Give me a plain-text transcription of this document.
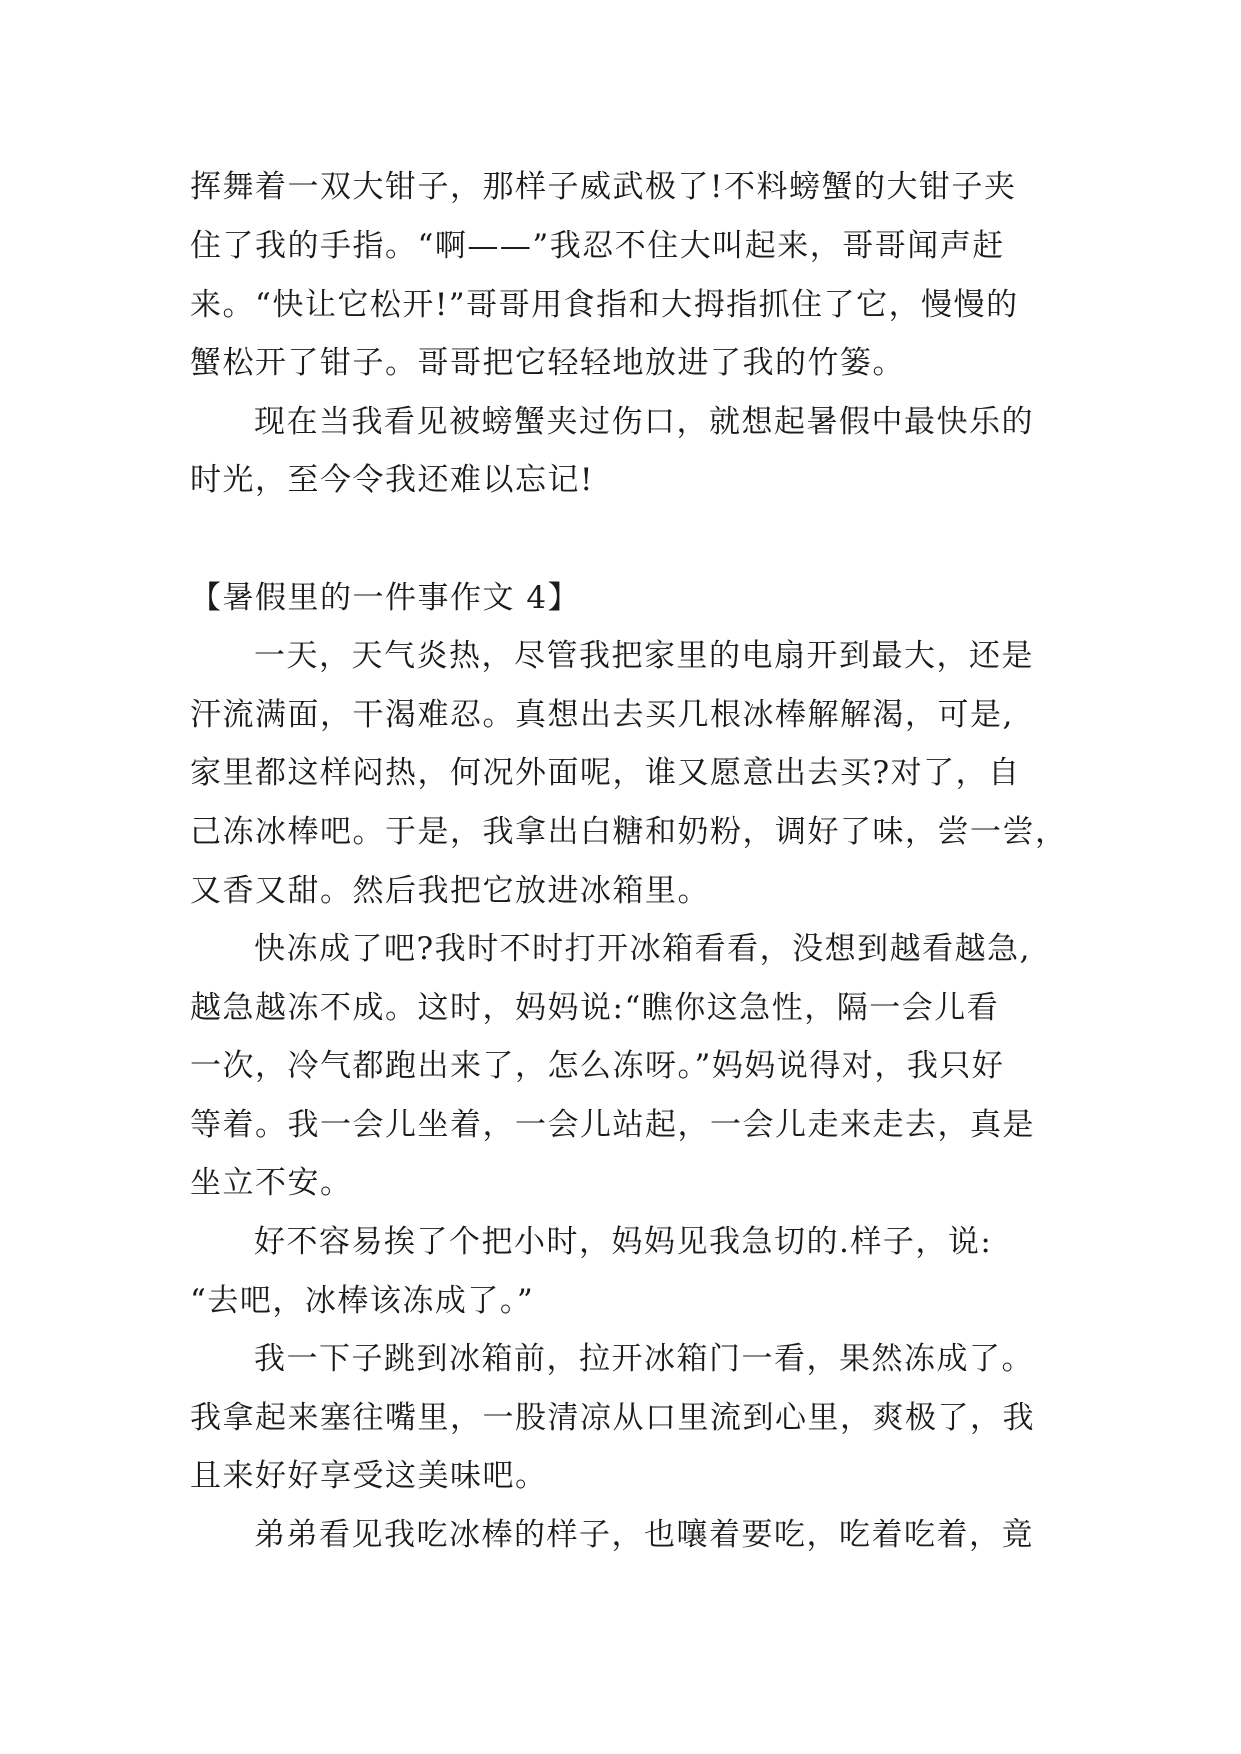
挥舞着一双大钳子，那样子威武极了!不料螃蟹的大钳子夹
住了我的手指。“啊——”我忍不住大叫起来，哥哥闻声赶
来。“快让它松开!”哥哥用食指和大拇指抓住了它，慢慢的
蟹松开了钳子。哥哥把它轻轻地放进了我的竹篓。
现在当我看见被螃蟹夹过伤口，就想起暑假中最快乐的
时光，至今令我还难以忘记!
【暑假里的一件事作文 4】
一天，天气炎热，尽管我把家里的电扇开到最大，还是
汗流满面，干渴难忍。真想出去买几根冰棒解解渴，可是,
家里都这样闷热，何况外面呢，谁又愿意出去买?对了，自
己冻冰棒吧。于是，我拿出白糖和奶粉，调好了味，尝一尝，
又香又甜。然后我把它放进冰箱里。
快冻成了吧?我时不时打开冰箱看看，没想到越看越急,
越急越冻不成。这时，妈妈说:“瞧你这急性，隔一会儿看
一次，冷气都跑出来了，怎么冻呀。”妈妈说得对，我只好
等着。我一会儿坐着，一会儿站起，一会儿走来走去，真是
坐立不安。
好不容易挨了个把小时，妈妈见我急切的.样子，说:
“去吧，冰棒该冻成了。”
我一下子跳到冰箱前，拉开冰箱门一看，果然冻成了。
我拿起来塞往嘴里，一股清凉从口里流到心里，爽极了，我
且来好好享受这美味吧。
弟弟看见我吃冰棒的样子，也嚷着要吃，吃着吃着，竟
